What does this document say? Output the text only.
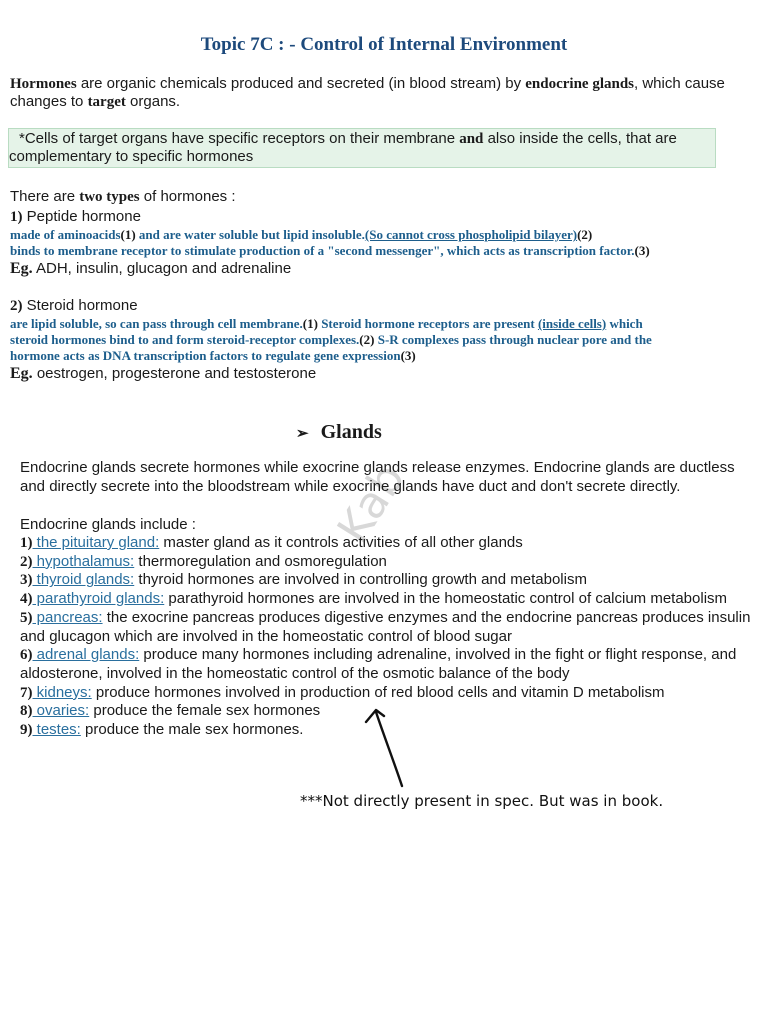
Topic 7C : - Control of Internal Environment
Hormones are organic chemicals produced and secreted (in blood stream) by endocrine glands, which cause changes to target organs.
*Cells of target organs have specific receptors on their membrane and also inside the cells, that are
complementary to specific hormones
There are two types of hormones :
1) Peptide hormone
made of aminoacids(1) and are water soluble but lipid insoluble.(So cannot cross phospholipid bilayer)(2)
binds to membrane receptor to stimulate production of a "second messenger", which acts as transcription factor.(3)
Eg. ADH, insulin, glucagon and adrenaline
2) Steroid hormone
are lipid soluble, so can pass through cell membrane.(1) Steroid hormone receptors are present (inside cells) which
steroid hormones bind to and form steroid-receptor complexes.(2) S-R complexes pass through nuclear pore and the
hormone acts as DNA transcription factors to regulate gene expression(3)
Eg. oestrogen, progesterone and testosterone
➢ Glands
Kab
Endocrine glands secrete hormones while exocrine glands release enzymes. Endocrine glands are ductless and directly secrete into the bloodstream while exocrine glands have duct and don't secrete directly.
Endocrine glands include :
1) the pituitary gland: master gland as it controls activities of all other glands
2) hypothalamus: thermoregulation and osmoregulation
3) thyroid glands: thyroid hormones are involved in controlling growth and metabolism
4) parathyroid glands: parathyroid hormones are involved in the homeostatic control of calcium metabolism
5) pancreas: the exocrine pancreas produces digestive enzymes and the endocrine pancreas produces insulin and glucagon which are involved in the homeostatic control of blood sugar
6) adrenal glands: produce many hormones including adrenaline, involved in the fight or flight response, and aldosterone, involved in the homeostatic control of the osmotic balance of the body
7) kidneys: produce hormones involved in production of red blood cells and vitamin D metabolism
8) ovaries: produce the female sex hormones
9) testes: produce the male sex hormones.
***Not directly present in spec. But was in book.
